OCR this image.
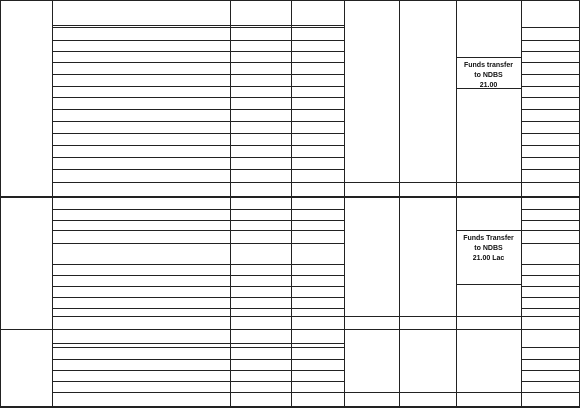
Funds transfer
to NDBS
21.00
Funds Transfer
to NDBS
21.00 Lac
